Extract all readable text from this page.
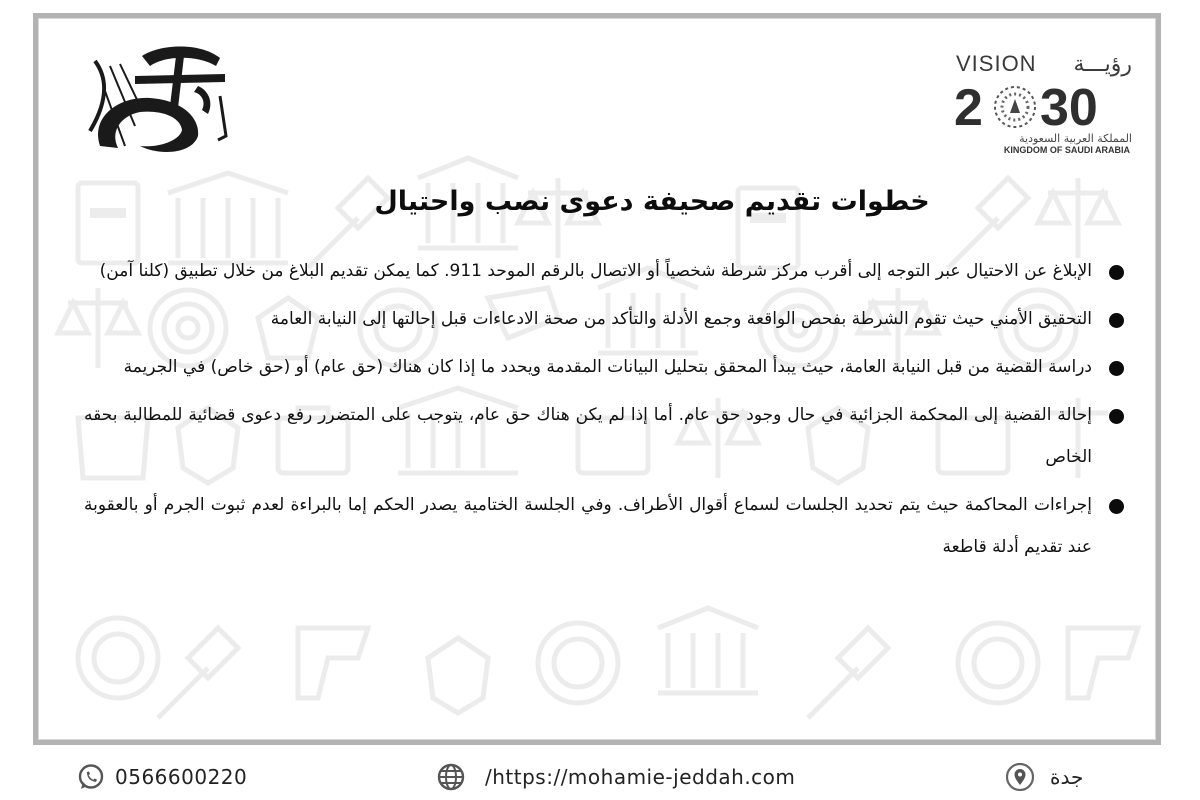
VISION رؤيـــة
2 30
المملكة العربية السعودية
KINGDOM OF SAUDI ARABIA
خطوات تقديم صحيفة دعوى نصب واحتيال
الإبلاغ عن الاحتيال عبر التوجه إلى أقرب مركز شرطة شخصياً أو الاتصال بالرقم الموحد 911. كما يمكن تقديم البلاغ من خلال تطبيق (كلنا آمن)
التحقيق الأمني حيث تقوم الشرطة بفحص الواقعة وجمع الأدلة والتأكد من صحة الادعاءات قبل إحالتها إلى النيابة العامة
دراسة القضية من قبل النيابة العامة، حيث يبدأ المحقق بتحليل البيانات المقدمة ويحدد ما إذا كان هناك (حق عام) أو (حق خاص) في الجريمة
إحالة القضية إلى المحكمة الجزائية في حال وجود حق عام. أما إذا لم يكن هناك حق عام، يتوجب على المتضرر رفع دعوى قضائية للمطالبة بحقه الخاص
إجراءات المحاكمة حيث يتم تحديد الجلسات لسماع أقوال الأطراف. وفي الجلسة الختامية يصدر الحكم إما بالبراءة لعدم ثبوت الجرم أو بالعقوبة عند تقديم أدلة قاطعة
0566600220	/https://mohamie-jeddah.com	جدة
